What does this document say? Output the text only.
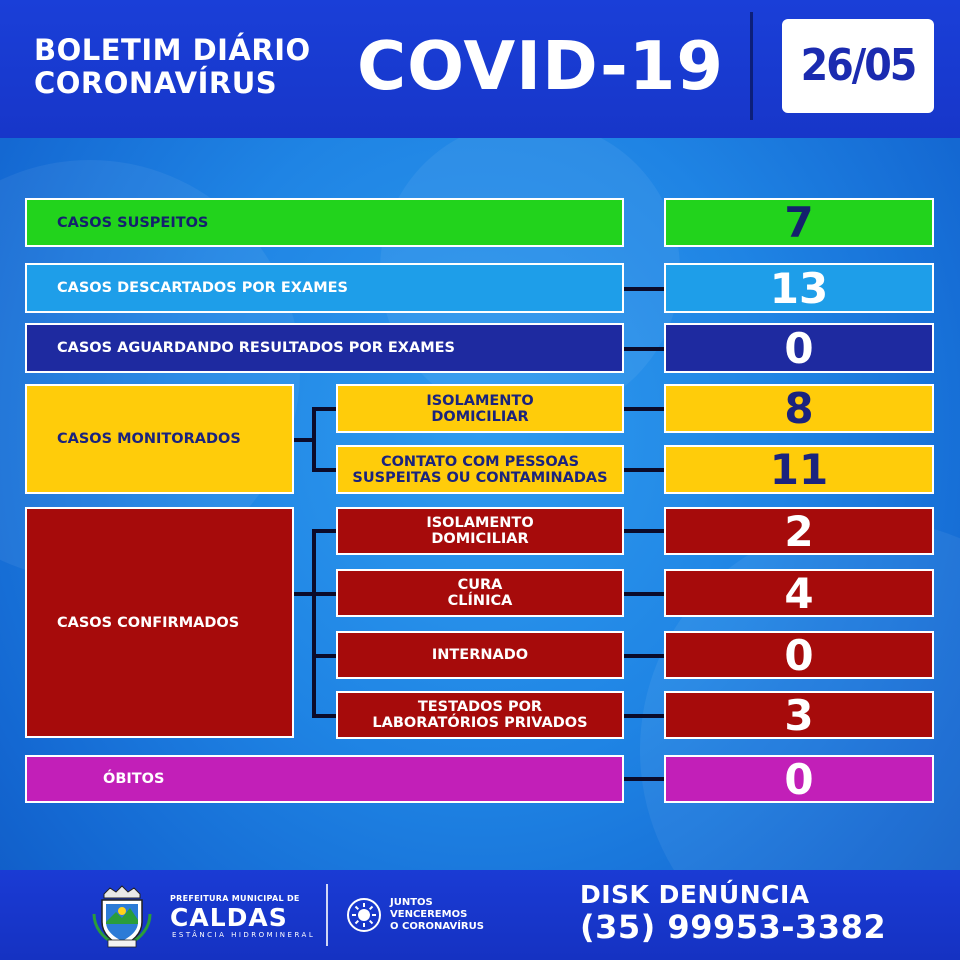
BOLETIM DIÁRIO
CORONAVÍRUS	COVID-19	26/05
CASOS SUSPEITOS	7
CASOS DESCARTADOS POR EXAMES	13
CASOS AGUARDANDO RESULTADOS POR EXAMES	0
CASOS MONITORADOS
ISOLAMENTO
DOMICILIAR	8
CONTATO COM PESSOAS
SUSPEITAS OU CONTAMINADAS	11
CASOS CONFIRMADOS
ISOLAMENTO
DOMICILIAR	2
CURA
CLÍNICA	4
INTERNADO	0
TESTADOS POR
LABORATÓRIOS PRIVADOS	3
ÓBITOS	0
PREFEITURA MUNICIPAL DE
CALDAS
ESTÂNCIA HIDROMINERAL
JUNTOS
VENCEREMOS
O CORONAVÍRUS
DISK DENÚNCIA
(35) 99953-3382
